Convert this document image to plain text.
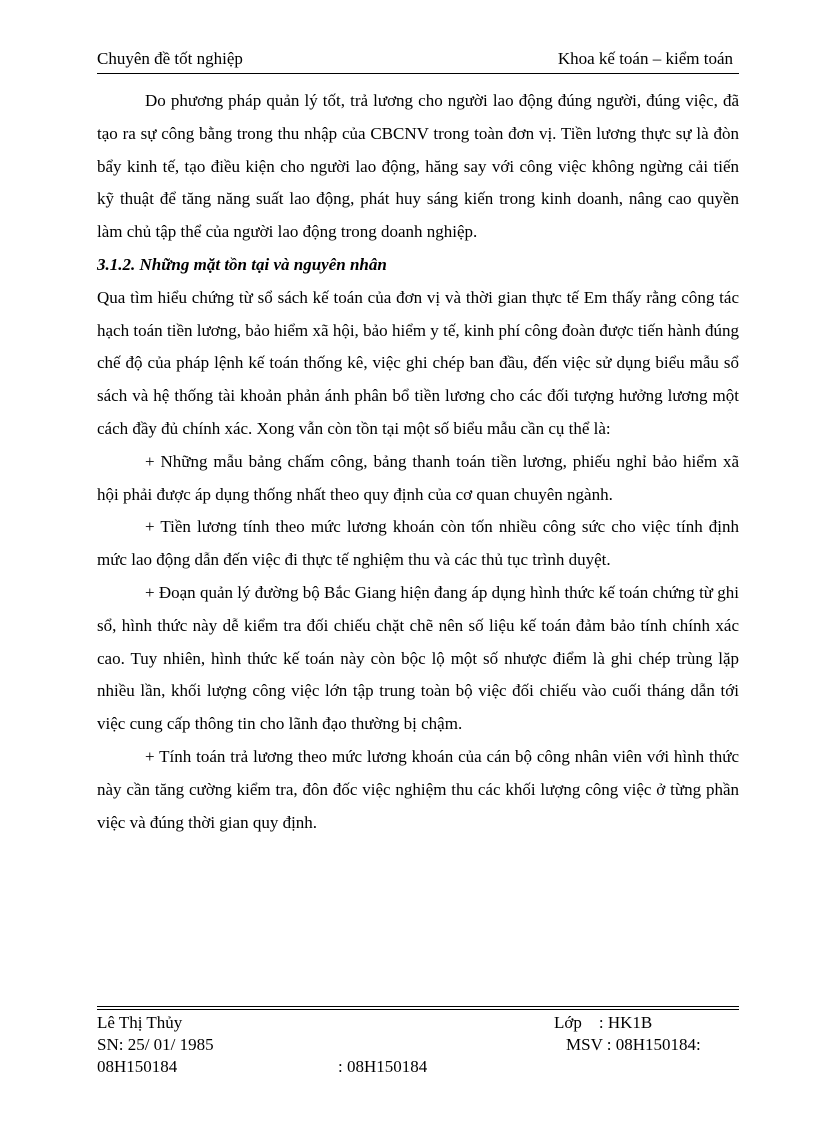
Chuyên đề tốt nghiệp	Khoa kế toán – kiểm toán

Do phương pháp quản lý tốt, trả lương cho người lao động đúng người, đúng việc, đã tạo ra sự công bằng trong thu nhập của CBCNV trong toàn đơn vị. Tiền lương thực sự là đòn bẩy kinh tế, tạo điều kiện cho người lao động, hăng say với công việc không ngừng cải tiến kỹ thuật để tăng năng suất lao động, phát huy sáng kiến trong kinh doanh, nâng cao quyền làm chủ tập thể của người lao động trong doanh nghiệp.

3.1.2. Những mặt tồn tại và nguyên nhân

Qua tìm hiểu chứng từ sổ sách kế toán của đơn vị và thời gian thực tế Em thấy rằng công tác hạch toán tiền lương, bảo hiểm xã hội, bảo hiểm y tế, kinh phí công đoàn được tiến hành đúng chế độ của pháp lệnh kế toán thống kê, việc ghi chép ban đầu, đến việc sử dụng biểu mẫu sổ sách và hệ thống tài khoản phản ánh phân bổ tiền lương cho các đối tượng hưởng lương một cách đầy đủ chính xác. Xong vẫn còn tồn tại một số biểu mẫu cần cụ thể là:

+ Những mẫu bảng chấm công, bảng thanh toán tiền lương, phiếu nghỉ bảo hiểm xã hội phải được áp dụng thống nhất theo quy định của cơ quan chuyên ngành.

+ Tiền lương tính theo mức lương khoán còn tốn nhiều công sức cho việc tính định mức lao động dẫn đến việc đi thực tế nghiệm thu và các thủ tục trình duyệt.

+ Đoạn quản lý đường bộ Bắc Giang hiện đang áp dụng hình thức kế toán chứng từ ghi sổ, hình thức này dễ kiểm tra đối chiếu chặt chẽ nên số liệu kế toán đảm bảo tính chính xác cao. Tuy nhiên, hình thức kế toán này còn bộc lộ một số nhược điểm là ghi chép trùng lặp nhiều lần, khối lượng công việc lớn tập trung toàn bộ việc đối chiếu vào cuối tháng dẫn tới việc cung cấp thông tin cho lãnh đạo thường bị chậm.

+ Tính toán trả lương theo mức lương khoán của cán bộ công nhân viên với hình thức này cần tăng cường kiểm tra, đôn đốc việc nghiệm thu các khối lượng công việc ở từng phần việc và đúng thời gian quy định.

Lê Thị Thủy	Lớp    : HK1B
SN: 25/ 01/ 1985	MSV : 08H150184:
08H150184	: 08H150184
